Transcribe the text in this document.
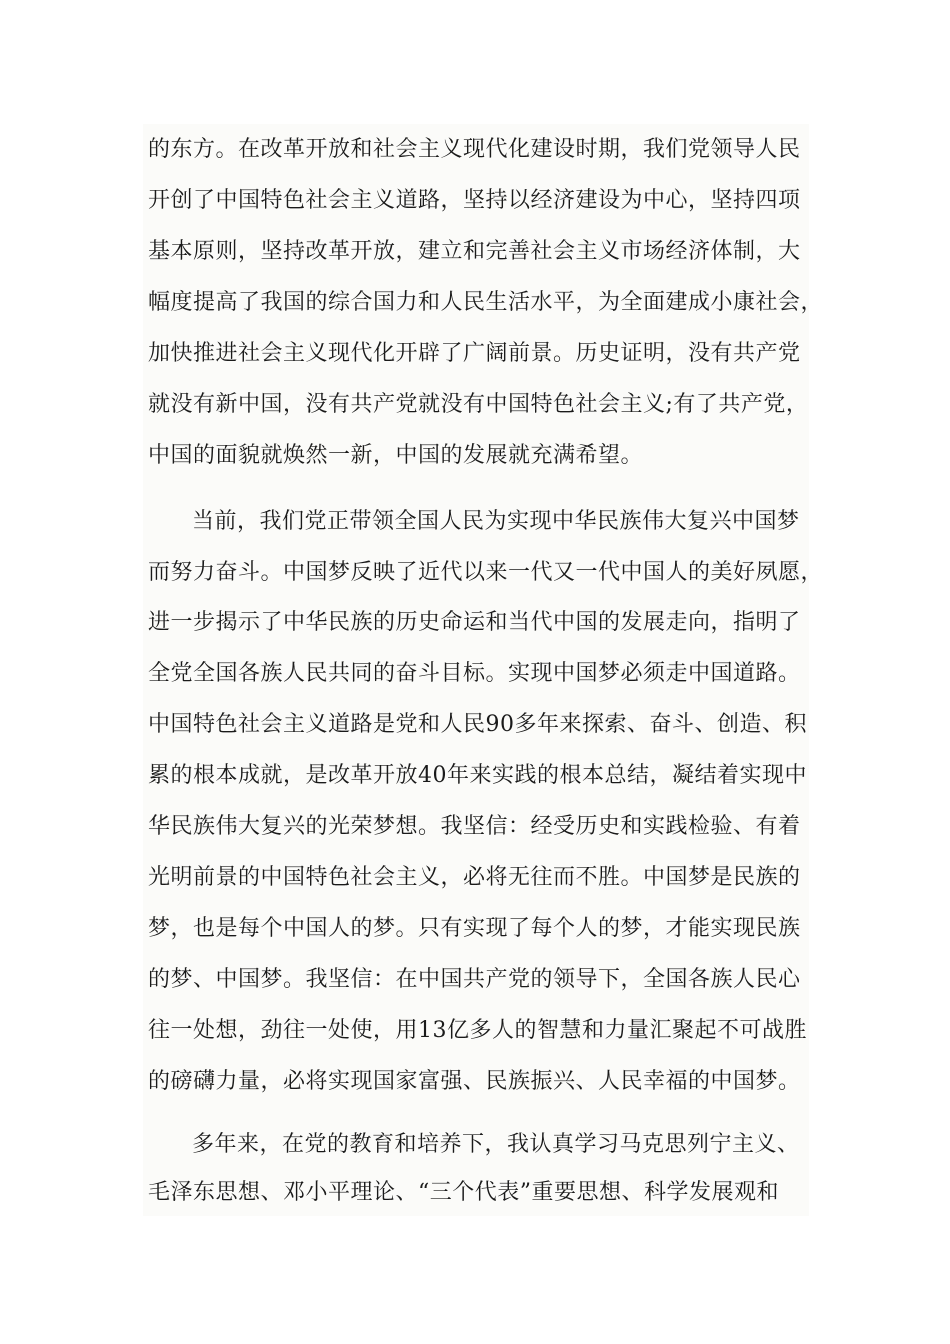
的东方。在改革开放和社会主义现代化建设时期，我们党领导人民
开创了中国特色社会主义道路，坚持以经济建设为中心，坚持四项
基本原则，坚持改革开放，建立和完善社会主义市场经济体制，大
幅度提高了我国的综合国力和人民生活水平，为全面建成小康社会，
加快推进社会主义现代化开辟了广阔前景。历史证明，没有共产党
就没有新中国，没有共产党就没有中国特色社会主义;有了共产党，
中国的面貌就焕然一新，中国的发展就充满希望。
当前，我们党正带领全国人民为实现中华民族伟大复兴中国梦
而努力奋斗。中国梦反映了近代以来一代又一代中国人的美好夙愿，
进一步揭示了中华民族的历史命运和当代中国的发展走向，指明了
全党全国各族人民共同的奋斗目标。实现中国梦必须走中国道路。
中国特色社会主义道路是党和人民90多年来探索、奋斗、创造、积
累的根本成就，是改革开放40年来实践的根本总结，凝结着实现中
华民族伟大复兴的光荣梦想。我坚信：经受历史和实践检验、有着
光明前景的中国特色社会主义，必将无往而不胜。中国梦是民族的
梦，也是每个中国人的梦。只有实现了每个人的梦，才能实现民族
的梦、中国梦。我坚信：在中国共产党的领导下，全国各族人民心
往一处想，劲往一处使，用13亿多人的智慧和力量汇聚起不可战胜
的磅礴力量，必将实现国家富强、民族振兴、人民幸福的中国梦。
多年来，在党的教育和培养下，我认真学习马克思列宁主义、
毛泽东思想、邓小平理论、“三个代表”重要思想、科学发展观和
